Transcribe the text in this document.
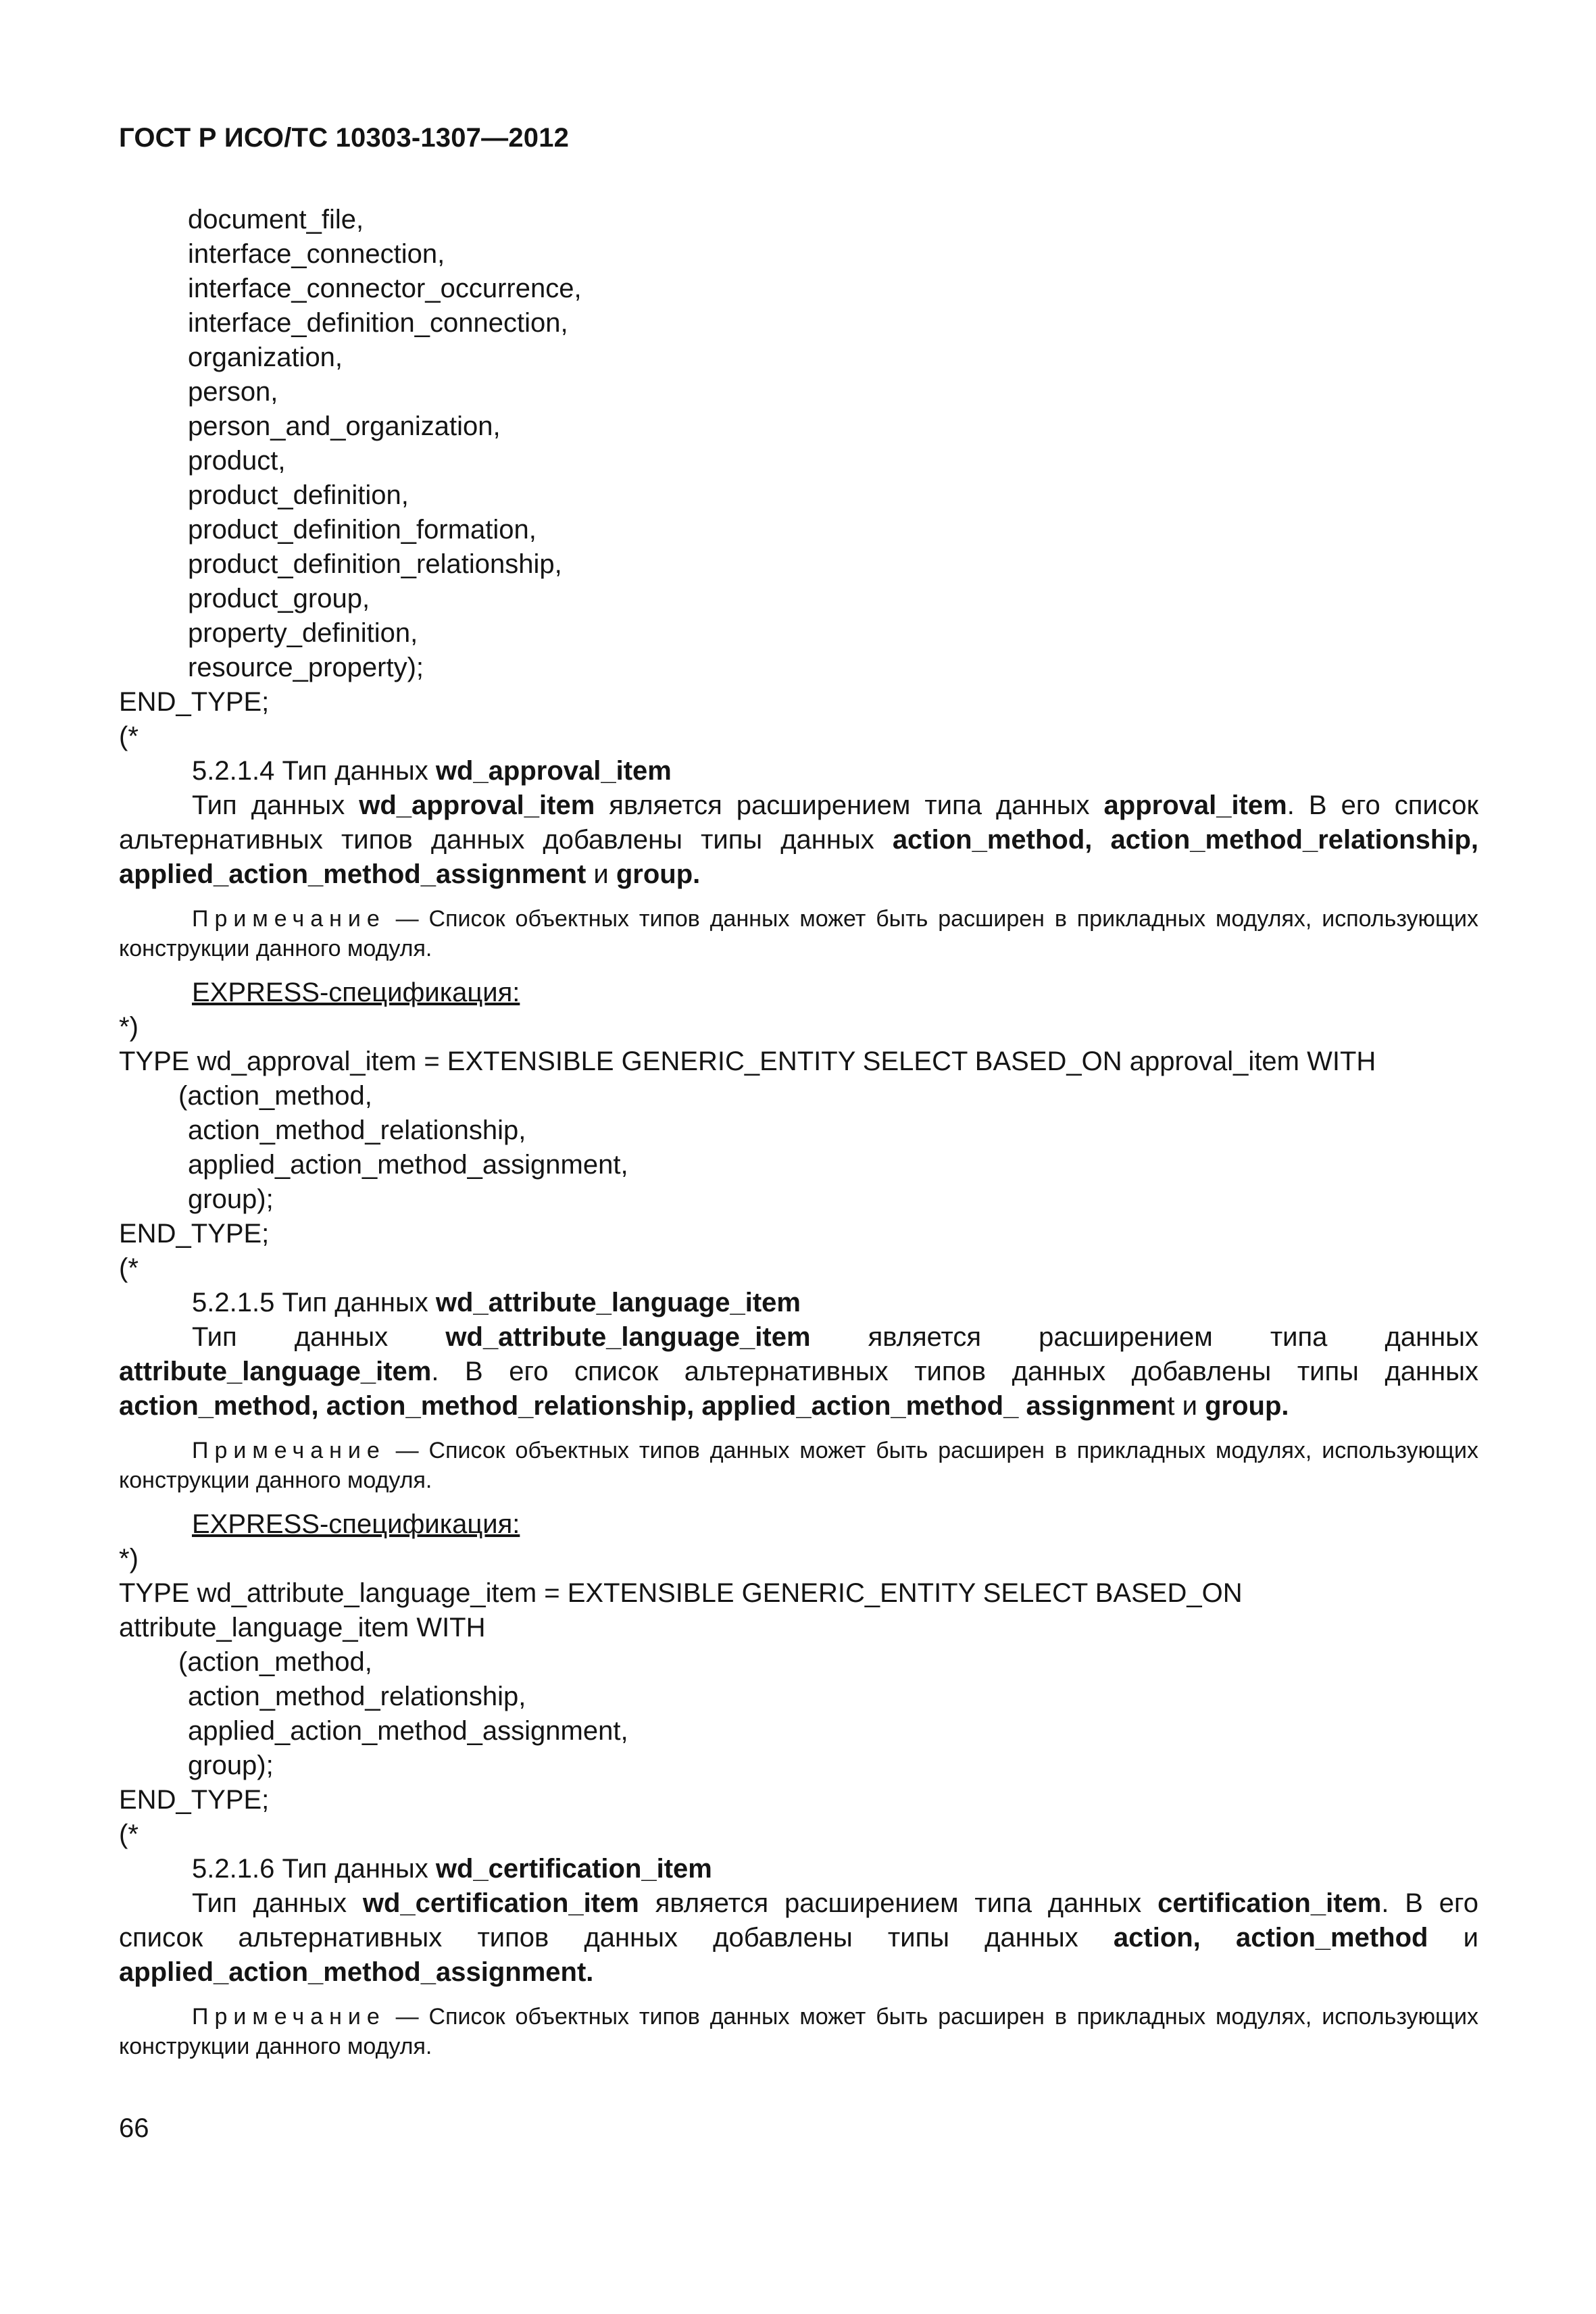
ГОСТ Р ИСО/ТС 10303-1307—2012
document_file,
interface_connection,
interface_connector_occurrence,
interface_definition_connection,
organization,
person,
person_and_organization,
product,
product_definition,
product_definition_formation,
product_definition_relationship,
product_group,
property_definition,
resource_property);
END_TYPE;
(*
5.2.1.4 Тип данных wd_approval_item

Тип данных wd_approval_item является расширением типа данных approval_item. В его список альтернативных типов данных добавлены типы данных action_method, action_method_relationship, applied_action_method_assignment и group.

Примечание — Список объектных типов данных может быть расширен в прикладных модулях, использующих конструкции данного модуля.

EXPRESS-спецификация:
*)
TYPE wd_approval_item = EXTENSIBLE GENERIC_ENTITY SELECT BASED_ON approval_item WITH
(action_method,
action_method_relationship,
applied_action_method_assignment,
group);
END_TYPE;
(*
5.2.1.5 Тип данных wd_attribute_language_item

Тип данных wd_attribute_language_item является расширением типа данных attribute_language_item. В его список альтернативных типов данных добавлены типы данных action_method, action_method_relationship, applied_action_method_ assignment и group.

Примечание — Список объектных типов данных может быть расширен в прикладных модулях, использующих конструкции данного модуля.

EXPRESS-спецификация:
*)
TYPE wd_attribute_language_item = EXTENSIBLE GENERIC_ENTITY SELECT BASED_ON
attribute_language_item WITH
(action_method,
action_method_relationship,
applied_action_method_assignment,
group);
END_TYPE;
(*
5.2.1.6 Тип данных wd_certification_item

Тип данных wd_certification_item является расширением типа данных certification_item. В его список альтернативных типов данных добавлены типы данных action, action_method и applied_action_method_assignment.

Примечание — Список объектных типов данных может быть расширен в прикладных модулях, использующих конструкции данного модуля.

66
